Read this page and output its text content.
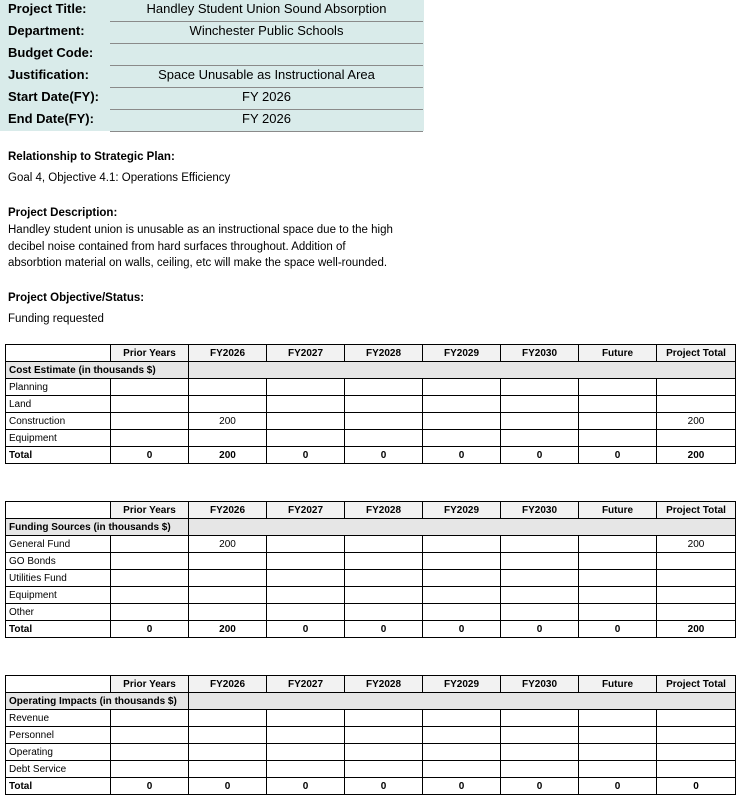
Project Title:	Handley Student Union Sound Absorption
Department:	Winchester Public Schools
Budget Code:
Justification:	Space Unusable as Instructional Area
Start Date(FY):	FY 2026
End Date(FY):	FY 2026
Relationship to Strategic Plan:
Goal 4, Objective 4.1: Operations Efficiency
Project Description:
Handley student union is unusable as an instructional space due to the high
decibel noise contained from hard surfaces throughout. Addition of
absorbtion material on walls, ceiling, etc will make the space well-rounded.
Project Objective/Status:
Funding requested
	Prior Years	FY2026	FY2027	FY2028	FY2029	FY2030	Future	Project Total
Cost Estimate (in thousands $)								
Planning								
Land								
Construction		200						200
Equipment								
Total	0	200	0	0	0	0	0	200
	Prior Years	FY2026	FY2027	FY2028	FY2029	FY2030	Future	Project Total
Funding Sources (in thousands $)								
General Fund		200						200
GO Bonds								
Utilities Fund								
Equipment								
Other								
Total	0	200	0	0	0	0	0	200
	Prior Years	FY2026	FY2027	FY2028	FY2029	FY2030	Future	Project Total
Operating Impacts (in thousands $)								
Revenue								
Personnel								
Operating								
Debt Service								
Total	0	0	0	0	0	0	0	0
